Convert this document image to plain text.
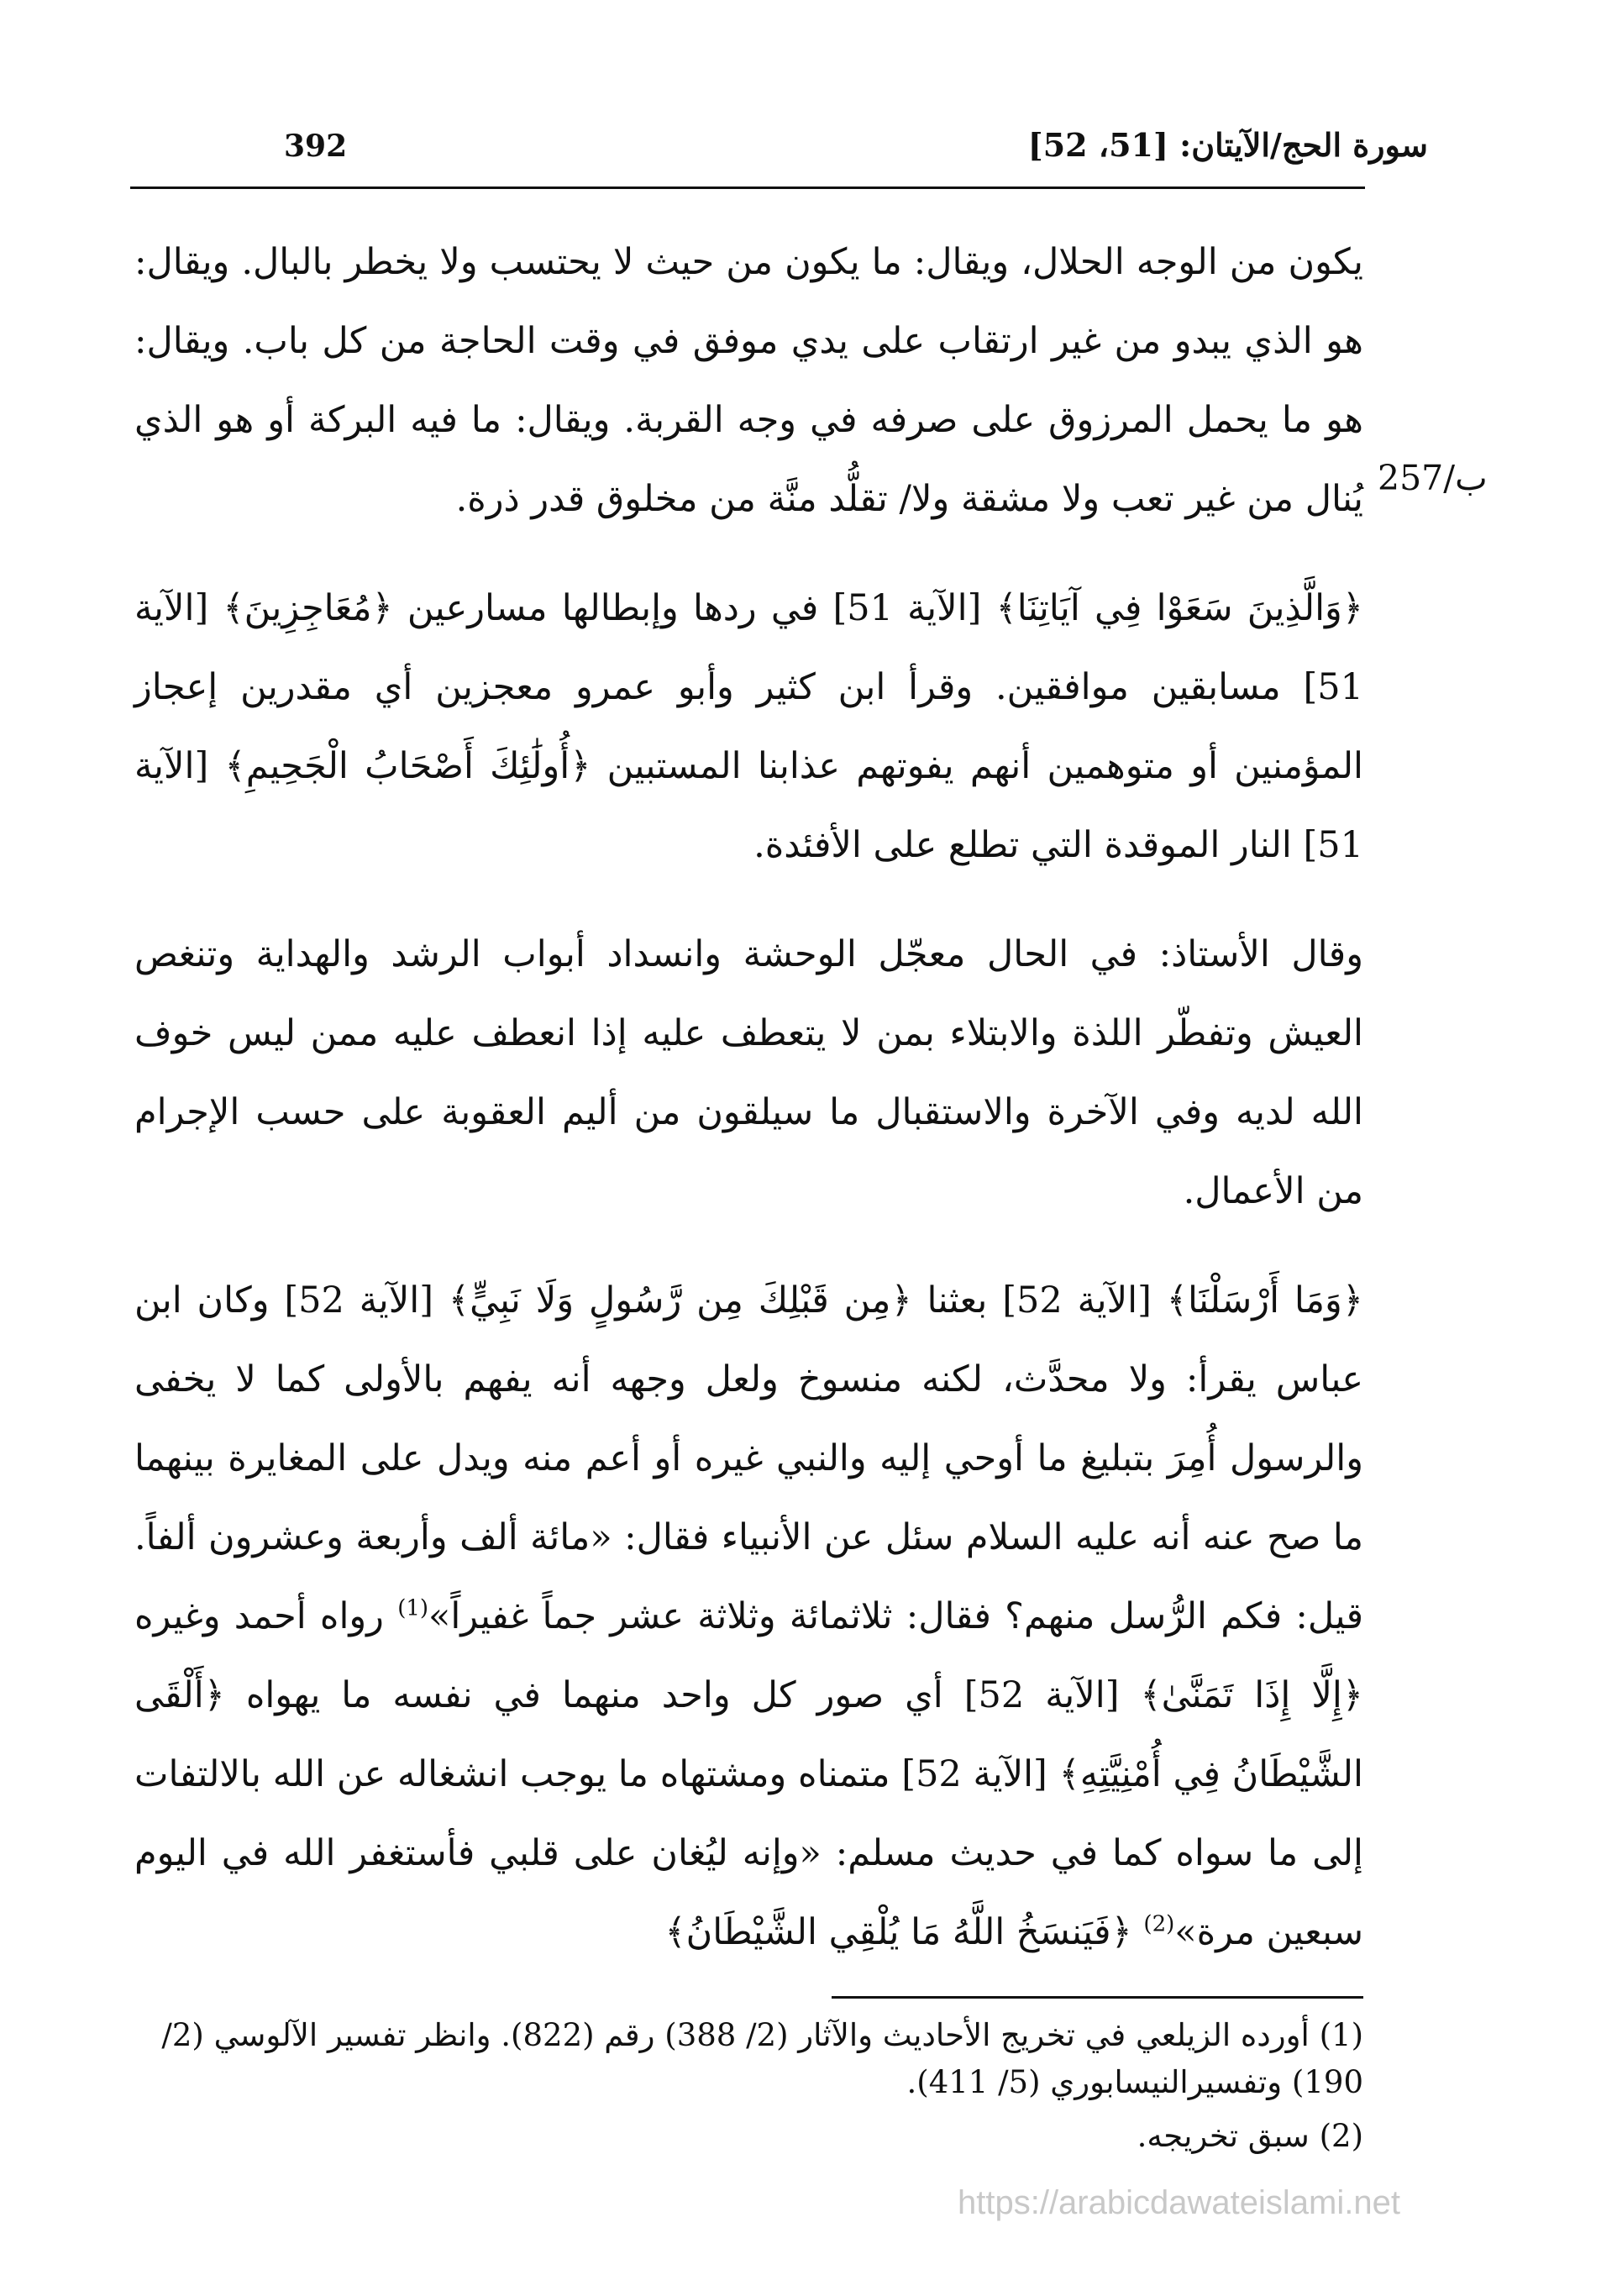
392	سورة الحج/الآيتان: [51، 52]
257/ب

يكون من الوجه الحلال، ويقال: ما يكون من حيث لا يحتسب ولا يخطر بالبال. ويقال: هو الذي يبدو من غير ارتقاب على يدي موفق في وقت الحاجة من كل باب. ويقال: هو ما يحمل المرزوق على صرفه في وجه القربة. ويقال: ما فيه البركة أو هو الذي يُنال من غير تعب ولا مشقة ولا/ تقلُّد منَّة من مخلوق قدر ذرة.

﴿وَالَّذِينَ سَعَوْا فِي آيَاتِنَا﴾ [الآية 51] في ردها وإبطالها مسارعين ﴿مُعَاجِزِينَ﴾ [الآية 51] مسابقين موافقين. وقرأ ابن كثير وأبو عمرو معجزين أي مقدرين إعجاز المؤمنين أو متوهمين أنهم يفوتهم عذابنا المستبين ﴿أُولَٰئِكَ أَصْحَابُ الْجَحِيمِ﴾ [الآية 51] النار الموقدة التي تطلع على الأفئدة.

وقال الأستاذ: في الحال معجّل الوحشة وانسداد أبواب الرشد والهداية وتنغص العيش وتفطّر اللذة والابتلاء بمن لا يتعطف عليه إذا انعطف عليه ممن ليس خوف الله لديه وفي الآخرة والاستقبال ما سيلقون من أليم العقوبة على حسب الإجرام من الأعمال.

﴿وَمَا أَرْسَلْنَا﴾ [الآية 52] بعثنا ﴿مِن قَبْلِكَ مِن رَّسُولٍ وَلَا نَبِيٍّ﴾ [الآية 52] وكان ابن عباس يقرأ: ولا محدَّث، لكنه منسوخ ولعل وجهه أنه يفهم بالأولى كما لا يخفى والرسول أُمِرَ بتبليغ ما أوحي إليه والنبي غيره أو أعم منه ويدل على المغايرة بينهما ما صح عنه أنه عليه السلام سئل عن الأنبياء فقال: «مائة ألف وأربعة وعشرون ألفاً. قيل: فكم الرُّسل منهم؟ فقال: ثلاثمائة وثلاثة عشر جماً غفيراً»$^{(1)}$ رواه أحمد وغيره ﴿إِلَّا إِذَا تَمَنَّىٰ﴾ [الآية 52] أي صور كل واحد منهما في نفسه ما يهواه ﴿أَلْقَى الشَّيْطَانُ فِي أُمْنِيَّتِهِ﴾ [الآية 52] متمناه ومشتهاه ما يوجب انشغاله عن الله بالالتفات إلى ما سواه كما في حديث مسلم: «وإنه ليُغان على قلبي فأستغفر الله في اليوم سبعين مرة»$^{(2)}$ ﴿فَيَنسَخُ اللَّهُ مَا يُلْقِي الشَّيْطَانُ﴾

(1) أورده الزيلعي في تخريج الأحاديث والآثار (2/ 388) رقم (822). وانظر تفسير الآلوسي (2/ 190) وتفسيرالنيسابوري (5/ 411).
(2) سبق تخريجه.
https://arabicdawateislami.net
